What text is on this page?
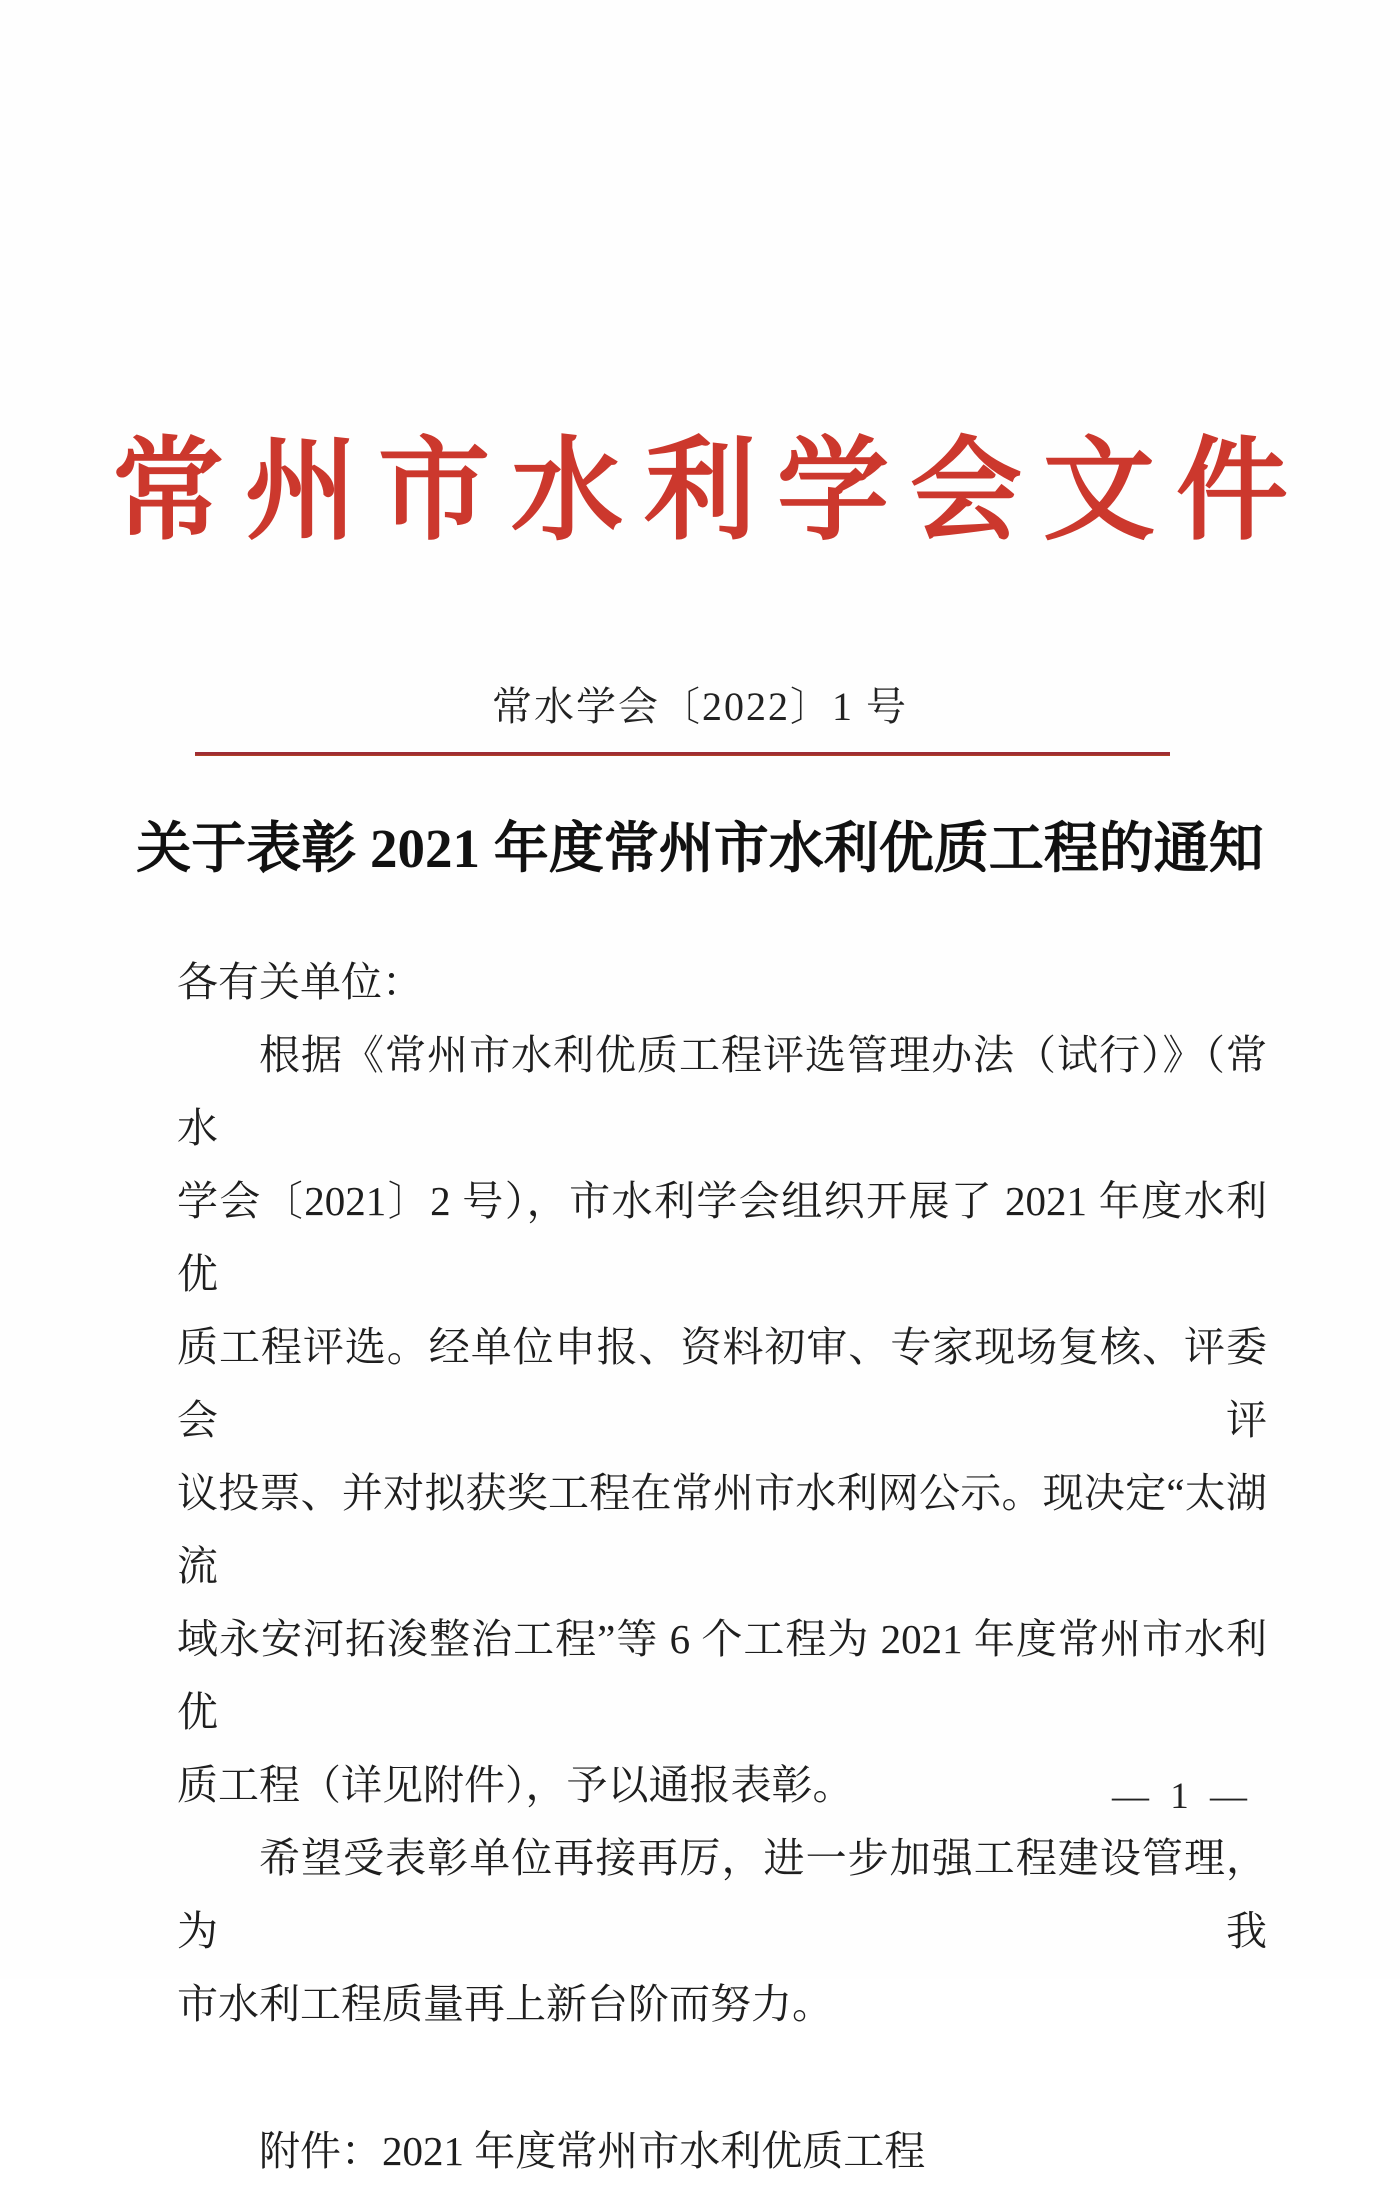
常州市水利学会文件
常水学会〔2022〕1 号
关于表彰 2021 年度常州市水利优质工程的通知
各有关单位：
根据《常州市水利优质工程评选管理办法（试行）》（常水
学会〔2021〕2 号），市水利学会组织开展了 2021 年度水利优
质工程评选。经单位申报、资料初审、专家现场复核、评委会评
议投票、并对拟获奖工程在常州市水利网公示。现决定“太湖流
域永安河拓浚整治工程”等 6 个工程为 2021 年度常州市水利优
质工程（详见附件），予以通报表彰。
希望受表彰单位再接再厉，进一步加强工程建设管理，为我
市水利工程质量再上新台阶而努力。
附件：2021 年度常州市水利优质工程
— 1 —
